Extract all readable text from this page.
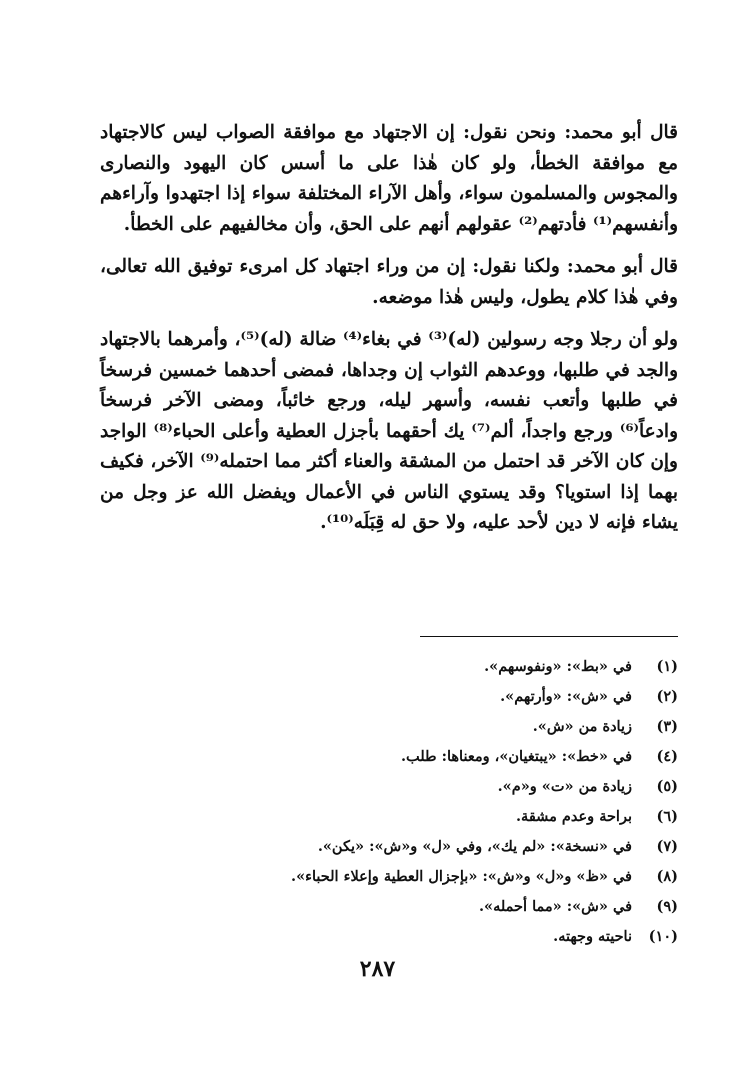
قال أبو محمد: ونحن نقول: إن الاجتهاد مع موافقة الصواب ليس كالاجتهاد مع موافقة الخطأ، ولو كان هٰذا على ما أسس كان اليهود والنصارى والمجوس والمسلمون سواء، وأهل الآراء المختلفة سواء إذا اجتهدوا وآراءهم وأنفسهم⁽¹⁾ فأدتهم⁽²⁾ عقولهم أنهم على الحق، وأن مخالفيهم على الخطأ.

قال أبو محمد: ولكنا نقول: إن من وراء اجتهاد كل امرىء توفيق الله تعالى، وفي هٰذا كلام يطول، وليس هٰذا موضعه.

ولو أن رجلا وجه رسولين (له)⁽³⁾ في بغاء⁽⁴⁾ ضالة (له)⁽⁵⁾، وأمرهما بالاجتهاد والجد في طلبها، ووعدهم الثواب إن وجداها، فمضى أحدهما خمسين فرسخاً في طلبها وأتعب نفسه، وأسهر ليله، ورجع خائباً، ومضى الآخر فرسخاً وادعاً⁽⁶⁾ ورجع واجداً، ألم⁽⁷⁾ يك أحقهما بأجزل العطية وأعلى الحباء⁽⁸⁾ الواجد وإن كان الآخر قد احتمل من المشقة والعناء أكثر مما احتمله⁽⁹⁾ الآخر، فكيف بهما إذا استويا؟ وقد يستوي الناس في الأعمال ويفضل الله عز وجل من يشاء فإنه لا دين لأحد عليه، ولا حق له قِبَلَه⁽¹⁰⁾.

(١)
في «بط»: «ونفوسهم».
(٢)
في «ش»: «وأرتهم».
(٣)
زيادة من «ش».
(٤)
في «خط»: «يبتغيان»، ومعناها: طلب.
(٥)
زيادة من «ت» و«م».
(٦)
براحة وعدم مشقة.
(٧)
في «نسخة»: «لم يك»، وفي «ل» و«ش»: «يكن».
(٨)
في «ظ» و«ل» و«ش»: «بإجزال العطية وإعلاء الحباء».
(٩)
في «ش»: «مما أحمله».
(١٠)
ناحيته وجهته.
٢٨٧
